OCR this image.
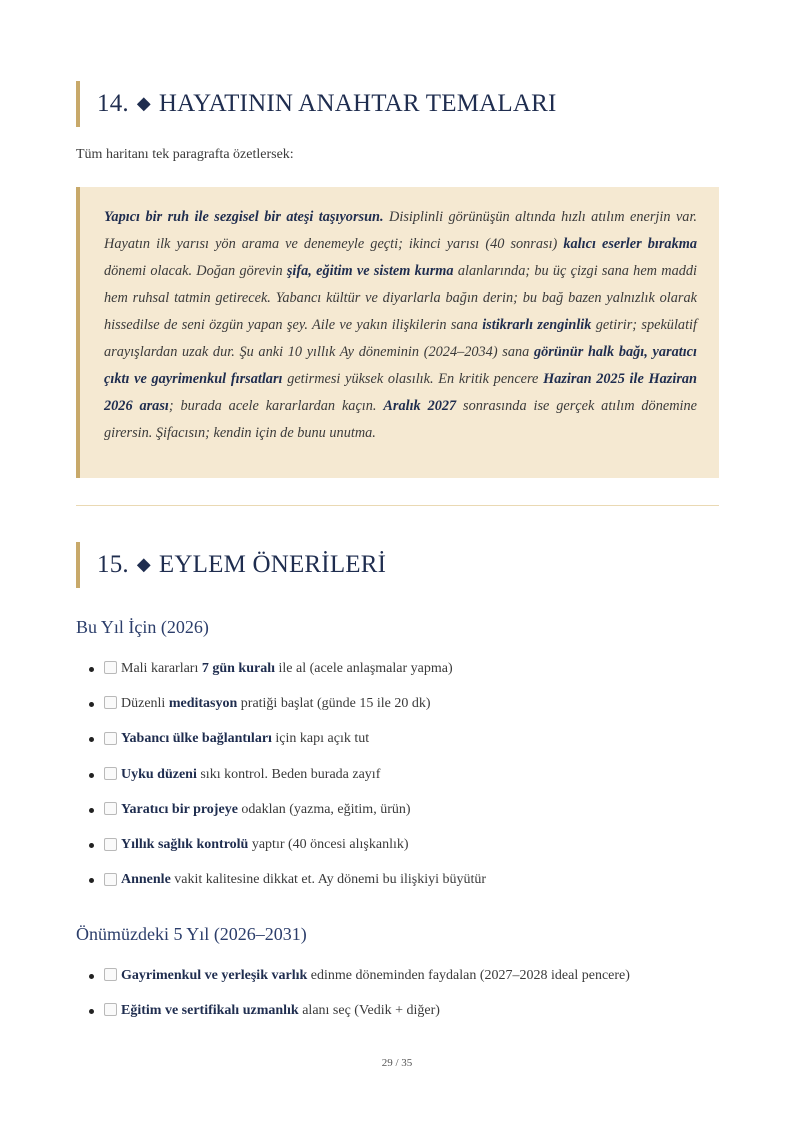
14. ◆ HAYATININ ANAHTAR TEMALARI
Tüm haritanı tek paragrafta özetlersek:
Yapıcı bir ruh ile sezgisel bir ateşi taşıyorsun. Disiplinli görünüşün altında hızlı atılım enerjin var. Hayatın ilk yarısı yön arama ve denemeyle geçti; ikinci yarısı (40 sonrası) kalıcı eserler bırakma dönemi olacak. Doğan görevin şifa, eğitim ve sistem kurma alanlarında; bu üç çizgi sana hem maddi hem ruhsal tatmin getirecek. Yabancı kültür ve diyarlarla bağın derin; bu bağ bazen yalnızlık olarak hissedilse de seni özgün yapan şey. Aile ve yakın ilişkilerin sana istikrarlı zenginlik getirir; spekülatif arayışlardan uzak dur. Şu anki 10 yıllık Ay döneminin (2024–2034) sana görünür halk bağı, yaratıcı çıktı ve gayrimenkul fırsatları getirmesi yüksek olasılık. En kritik pencere Haziran 2025 ile Haziran 2026 arası; burada acele kararlardan kaçın. Aralık 2027 sonrasında ise gerçek atılım dönemine girersin. Şifacısın; kendin için de bunu unutma.
15. ◆ EYLEM ÖNERİLERİ
Bu Yıl İçin (2026)
Mali kararları 7 gün kuralı ile al (acele anlaşmalar yapma)
Düzenli meditasyon pratiği başlat (günde 15 ile 20 dk)
Yabancı ülke bağlantıları için kapı açık tut
Uyku düzeni sıkı kontrol. Beden burada zayıf
Yaratıcı bir projeye odaklan (yazma, eğitim, ürün)
Yıllık sağlık kontrolü yaptır (40 öncesi alışkanlık)
Annenle vakit kalitesine dikkat et. Ay dönemi bu ilişkiyi büyütür
Önümüzdeki 5 Yıl (2026–2031)
Gayrimenkul ve yerleşik varlık edinme döneminden faydalan (2027–2028 ideal pencere)
Eğitim ve sertifikalı uzmanlık alanı seç (Vedik + diğer)
29 / 35
